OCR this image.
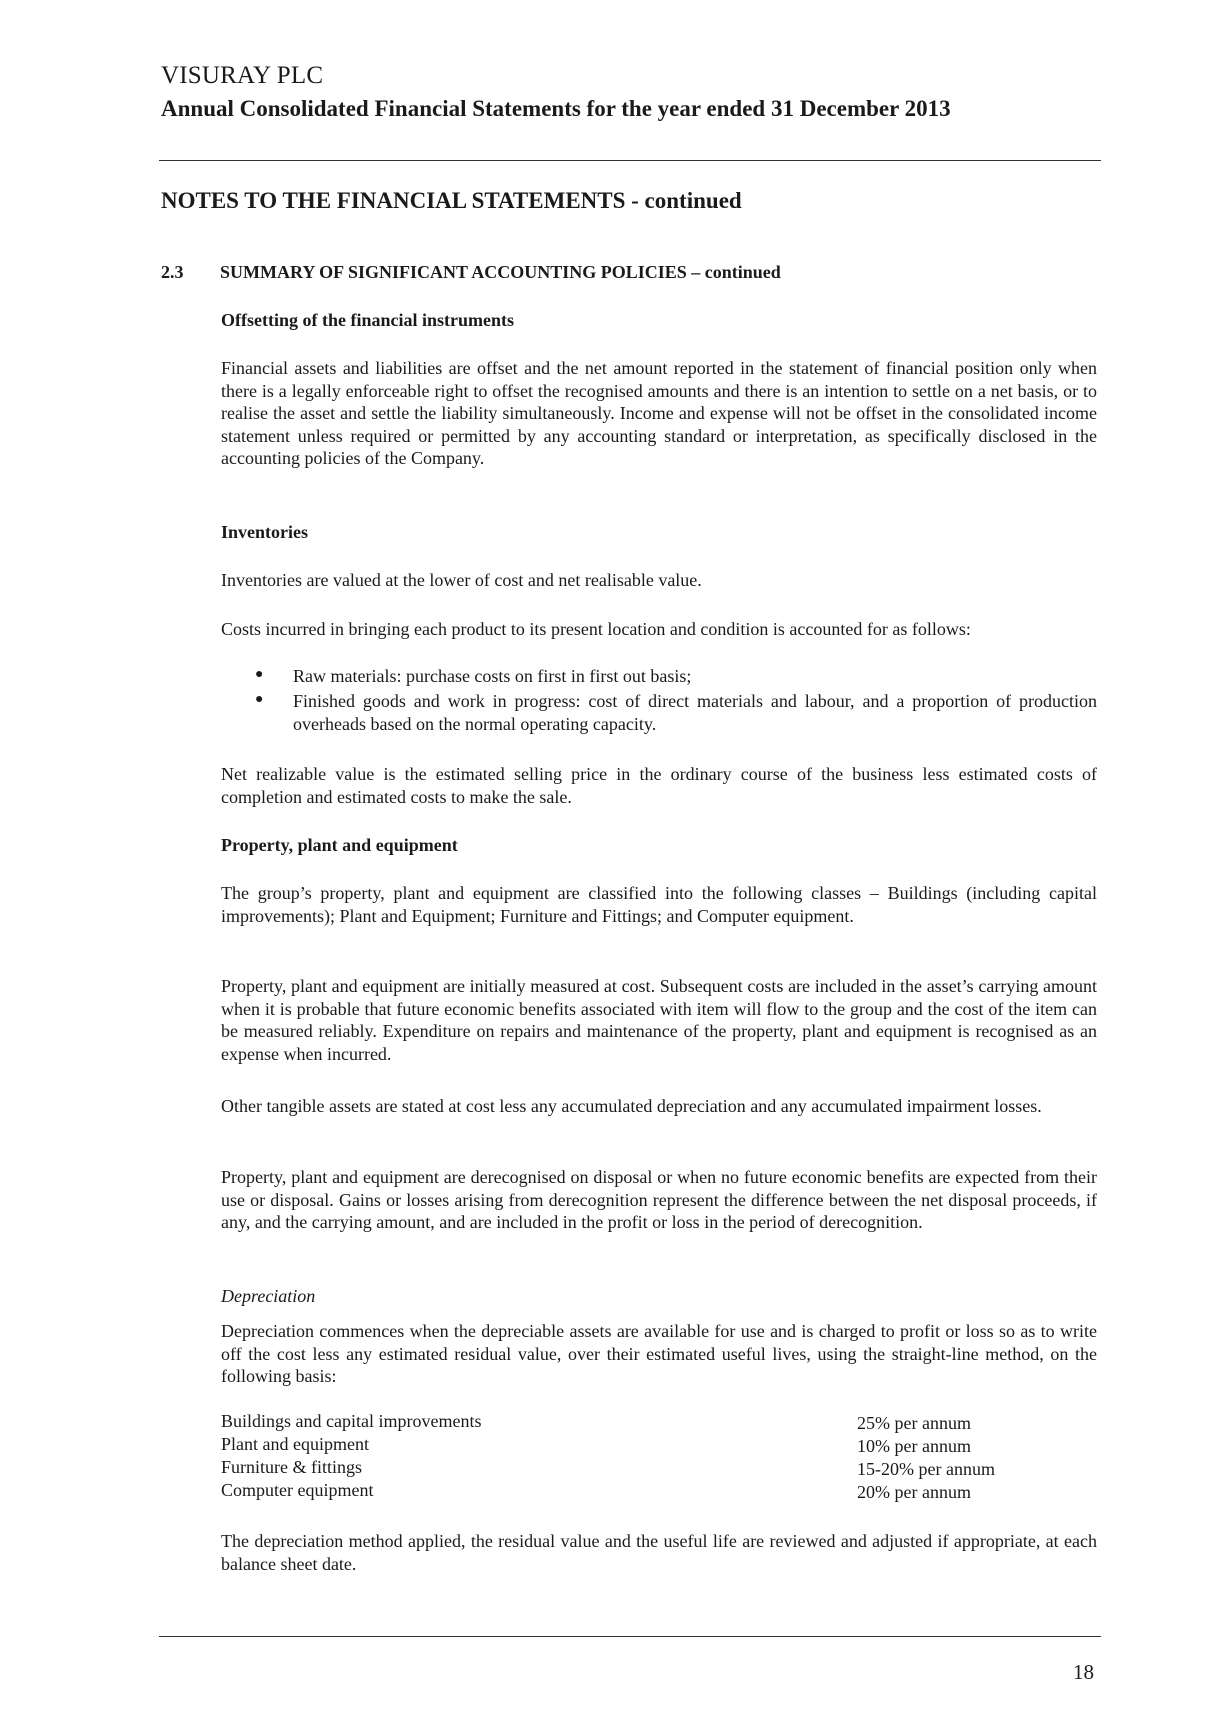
VISURAY PLC
Annual Consolidated Financial Statements for the year ended 31 December 2013
NOTES TO THE FINANCIAL STATEMENTS - continued
2.3 SUMMARY OF SIGNIFICANT ACCOUNTING POLICIES – continued
Offsetting of the financial instruments
Financial assets and liabilities are offset and the net amount reported in the statement of financial position only when there is a legally enforceable right to offset the recognised amounts and there is an intention to settle on a net basis, or to realise the asset and settle the liability simultaneously. Income and expense will not be offset in the consolidated income statement unless required or permitted by any accounting standard or interpretation, as specifically disclosed in the accounting policies of the Company.
Inventories
Inventories are valued at the lower of cost and net realisable value.
Costs incurred in bringing each product to its present location and condition is accounted for as follows:
● Raw materials: purchase costs on first in first out basis;
● Finished goods and work in progress: cost of direct materials and labour, and a proportion of production overheads based on the normal operating capacity.
Net realizable value is the estimated selling price in the ordinary course of the business less estimated costs of completion and estimated costs to make the sale.
Property, plant and equipment
The group’s property, plant and equipment are classified into the following classes – Buildings (including capital improvements); Plant and Equipment; Furniture and Fittings; and Computer equipment.
Property, plant and equipment are initially measured at cost. Subsequent costs are included in the asset’s carrying amount when it is probable that future economic benefits associated with item will flow to the group and the cost of the item can be measured reliably. Expenditure on repairs and maintenance of the property, plant and equipment is recognised as an expense when incurred.
Other tangible assets are stated at cost less any accumulated depreciation and any accumulated impairment losses.
Property, plant and equipment are derecognised on disposal or when no future economic benefits are expected from their use or disposal. Gains or losses arising from derecognition represent the difference between the net disposal proceeds, if any, and the carrying amount, and are included in the profit or loss in the period of derecognition.
Depreciation
Depreciation commences when the depreciable assets are available for use and is charged to profit or loss so as to write off the cost less any estimated residual value, over their estimated useful lives, using the straight-line method, on the following basis:
Buildings and capital improvements	25% per annum
Plant and equipment	10% per annum
Furniture & fittings	15-20% per annum
Computer equipment	20% per annum
The depreciation method applied, the residual value and the useful life are reviewed and adjusted if appropriate, at each balance sheet date.
18
